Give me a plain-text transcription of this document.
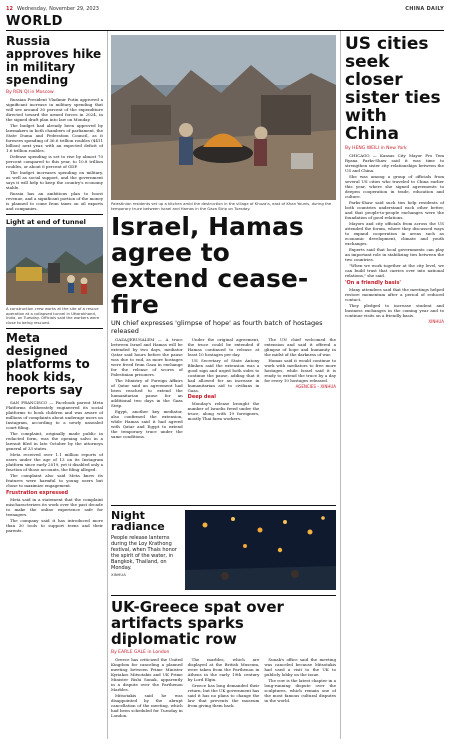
12 Wednesday, November 29, 2023	CHINA DAILY
WORLD
Russia approves hike in military spending
By REN QI in Moscow

Russian President Vladimir Putin approved a significant increase in military spending that will see around 30 percent of the expenditure directed toward the armed forces in 2024, in the signed draft plan into law on Monday.

The budget had already been approved by lawmakers in both chambers of parliament, the State Duma and Federation Council, as it foresees spending of 36.6 trillion roubles ($411 billion) next year, with an expected deficit of 1.6 trillion roubles.

Defense spending is set to rise by almost 70 percent compared to this year, to 10.8 trillion roubles, or about 6 percent of GDP.

The budget increases spending on military, as well as social support, and the government says it will help to keep the country's economy stable.

Russia has an ambitious plan to boost revenue, and a significant portion of the money is planned to come from taxes on oil exports and companies.

Light at end of tunnel
A construction crew works at the site of a rescue operation at a collapsed tunnel in Uttarakhand, India, on Tuesday. Officials said the workers were close to being rescued.
Meta designed platforms to hook kids, reports say

SAN FRANCISCO — Facebook parent Meta Platforms deliberately engineered its social platforms to hook children and was aware of millions of complaints about underage users on Instagram, according to a newly unsealed court filing.

The complaint, originally made public in redacted form, was the opening salvo in a lawsuit filed in late October by the attorneys general of 33 states.

Meta received over 1.1 million reports of users under the age of 13 on its Instagram platform since early 2019, yet it disabled only a fraction of those accounts, the filing alleged.

The complaint also said Meta knew its features were harmful to young users but chose to maximize engagement.

Frustration expressed

Meta said in a statement that the complaint mischaracterizes its work over the past decade to make the online experience safe for teenagers.

The company said it has introduced more than 30 tools to support teens and their parents.

Palestinian residents set up a kitchen amid the destruction in the village of Khuza'a, east of Khan Younis, during the temporary truce between Israel and Hamas in the Gaza Strip on Tuesday.
Israel, Hamas agree to extend cease-fire
UN chief expresses 'glimpse of hope' as fourth batch of hostages released

GAZA/JERUSALEM — A truce between Israel and Hamas will be extended by two days, mediator Qatar said hours before the pause was due to end, as more hostages were freed from Gaza in exchange for the release of scores of Palestinian prisoners.

The Ministry of Foreign Affairs of Qatar said an agreement had been reached to extend the humanitarian pause for an additional two days in the Gaza Strip.

Egypt, another key mediator, also confirmed the extension, while Hamas said it had agreed with Qatar and Egypt to extend the temporary truce under the same conditions.

Under the original agreement, the truce could be extended if Hamas continued to release at least 10 hostages per day.

US Secretary of State Antony Blinken said the extension was a good sign and urged both sides to continue the pause, adding that it had allowed for an increase in humanitarian aid to civilians in Gaza.

Deep deal

Monday's release brought the number of Israelis freed under the truce, along with 19 foreigners, mostly Thai farm workers.

The UN chief welcomed the extension and said it offered a glimpse of hope and humanity in the midst of the darkness of war.

Hamas said it would continue to work with mediators to free more hostages, while Israel said it is ready to extend the truce by a day for every 10 hostages released.

AGENCIES – XINHUA
Night radiance
People release lanterns during the Loy Krathong festival, when Thais honor the spirit of the water, in Bangkok, Thailand, on Monday.
XINHUA
UK-Greece spat over artifacts sparks diplomatic row
By EARLE GALE in London

Greece has criticized the United Kingdom for canceling a planned meeting between Prime Minister Kyriakos Mitsotakis and UK Prime Minister Rishi Sunak, apparently in a dispute over the Parthenon Marbles.

Mitsotakis said he was disappointed by the abrupt cancellation of the meeting, which had been scheduled for Tuesday in London.

The marbles, which are displayed at the British Museum, were taken from the Parthenon in Athens in the early 19th century by Lord Elgin.

Greece has long demanded their return, but the UK government has said it has no plans to change the law that prevents the museum from giving them back.

Sunak's office said the meeting was canceled because Mitsotakis had used a visit to the UK to publicly lobby on the issue.

The row is the latest chapter in a long-running dispute over the sculptures, which remain one of the most famous cultural disputes in the world.

US cities seek closer sister ties with China
By HENG WEILI in New York

CHICAGO — Kansas City Mayor Pro Tem Ryana Parks-Shaw said it was time to strengthen sister city relationships between the US and China.

She was among a group of officials from several US cities who traveled to China earlier this year, where she signed agreements to deepen cooperation in trade, education and culture.

Parks-Shaw said such ties help residents of both countries understand each other better, and that people-to-people exchanges were the foundation of good relations.

Mayors and city officials from across the US attended the forum, where they discussed ways to expand cooperation in areas such as economic development, climate and youth exchanges.

Experts said that local governments can play an important role in stabilizing ties between the two countries.

"When we work together at the city level, we can build trust that carries over into national relations," she said.

'On a friendly basis'

Many attendees said that the meetings helped restore momentum after a period of reduced contact.

They pledged to increase student and business exchanges in the coming year and to continue visits on a friendly basis.

XINHUA
